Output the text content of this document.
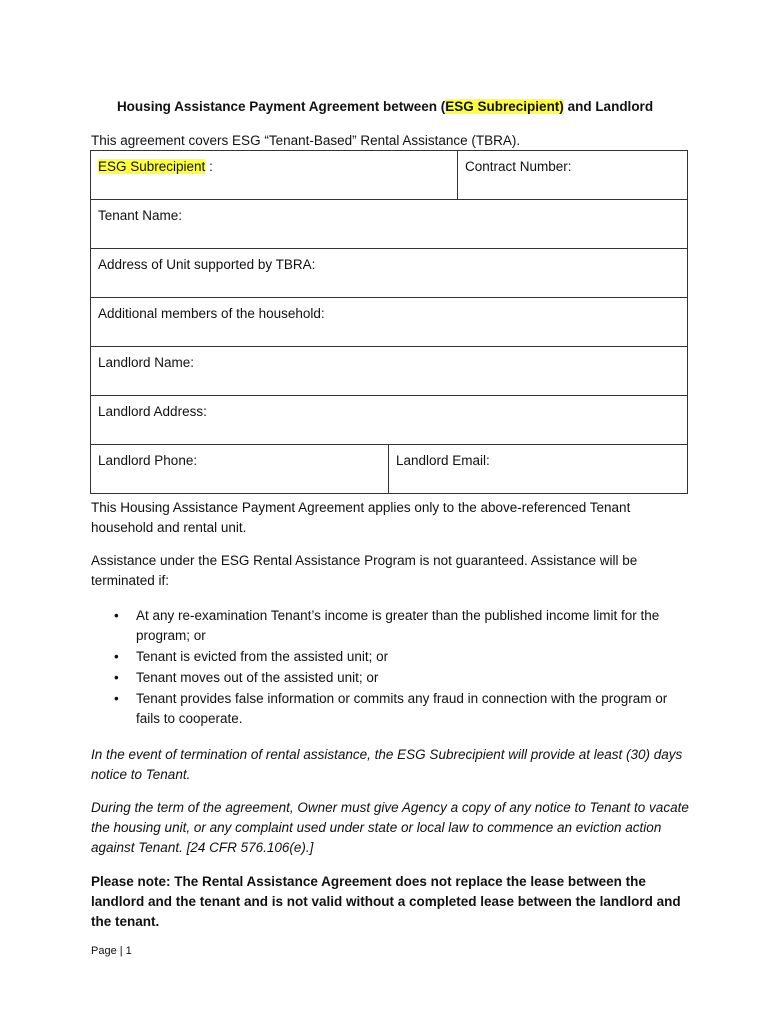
Housing Assistance Payment Agreement between (ESG Subrecipient) and Landlord
This agreement covers ESG “Tenant-Based” Rental Assistance (TBRA).
ESG Subrecipient :		Contract Number:
Tenant Name:		
Address of Unit supported by TBRA:		
Additional members of the household:		
Landlord Name:		
Landlord Address:		
Landlord Phone:	Landlord Email:	
This Housing Assistance Payment Agreement applies only to the above-referenced Tenant household and rental unit.
Assistance under the ESG Rental Assistance Program is not guaranteed. Assistance will be terminated if:
• At any re-examination Tenant’s income is greater than the published income limit for the program; or
• Tenant is evicted from the assisted unit; or
• Tenant moves out of the assisted unit; or
• Tenant provides false information or commits any fraud in connection with the program or fails to cooperate.
In the event of termination of rental assistance, the ESG Subrecipient will provide at least (30) days notice to Tenant.
During the term of the agreement, Owner must give Agency a copy of any notice to Tenant to vacate the housing unit, or any complaint used under state or local law to commence an eviction action against Tenant. [24 CFR 576.106(e).]
Please note: The Rental Assistance Agreement does not replace the lease between the landlord and the tenant and is not valid without a completed lease between the landlord and the tenant.
Page | 1
